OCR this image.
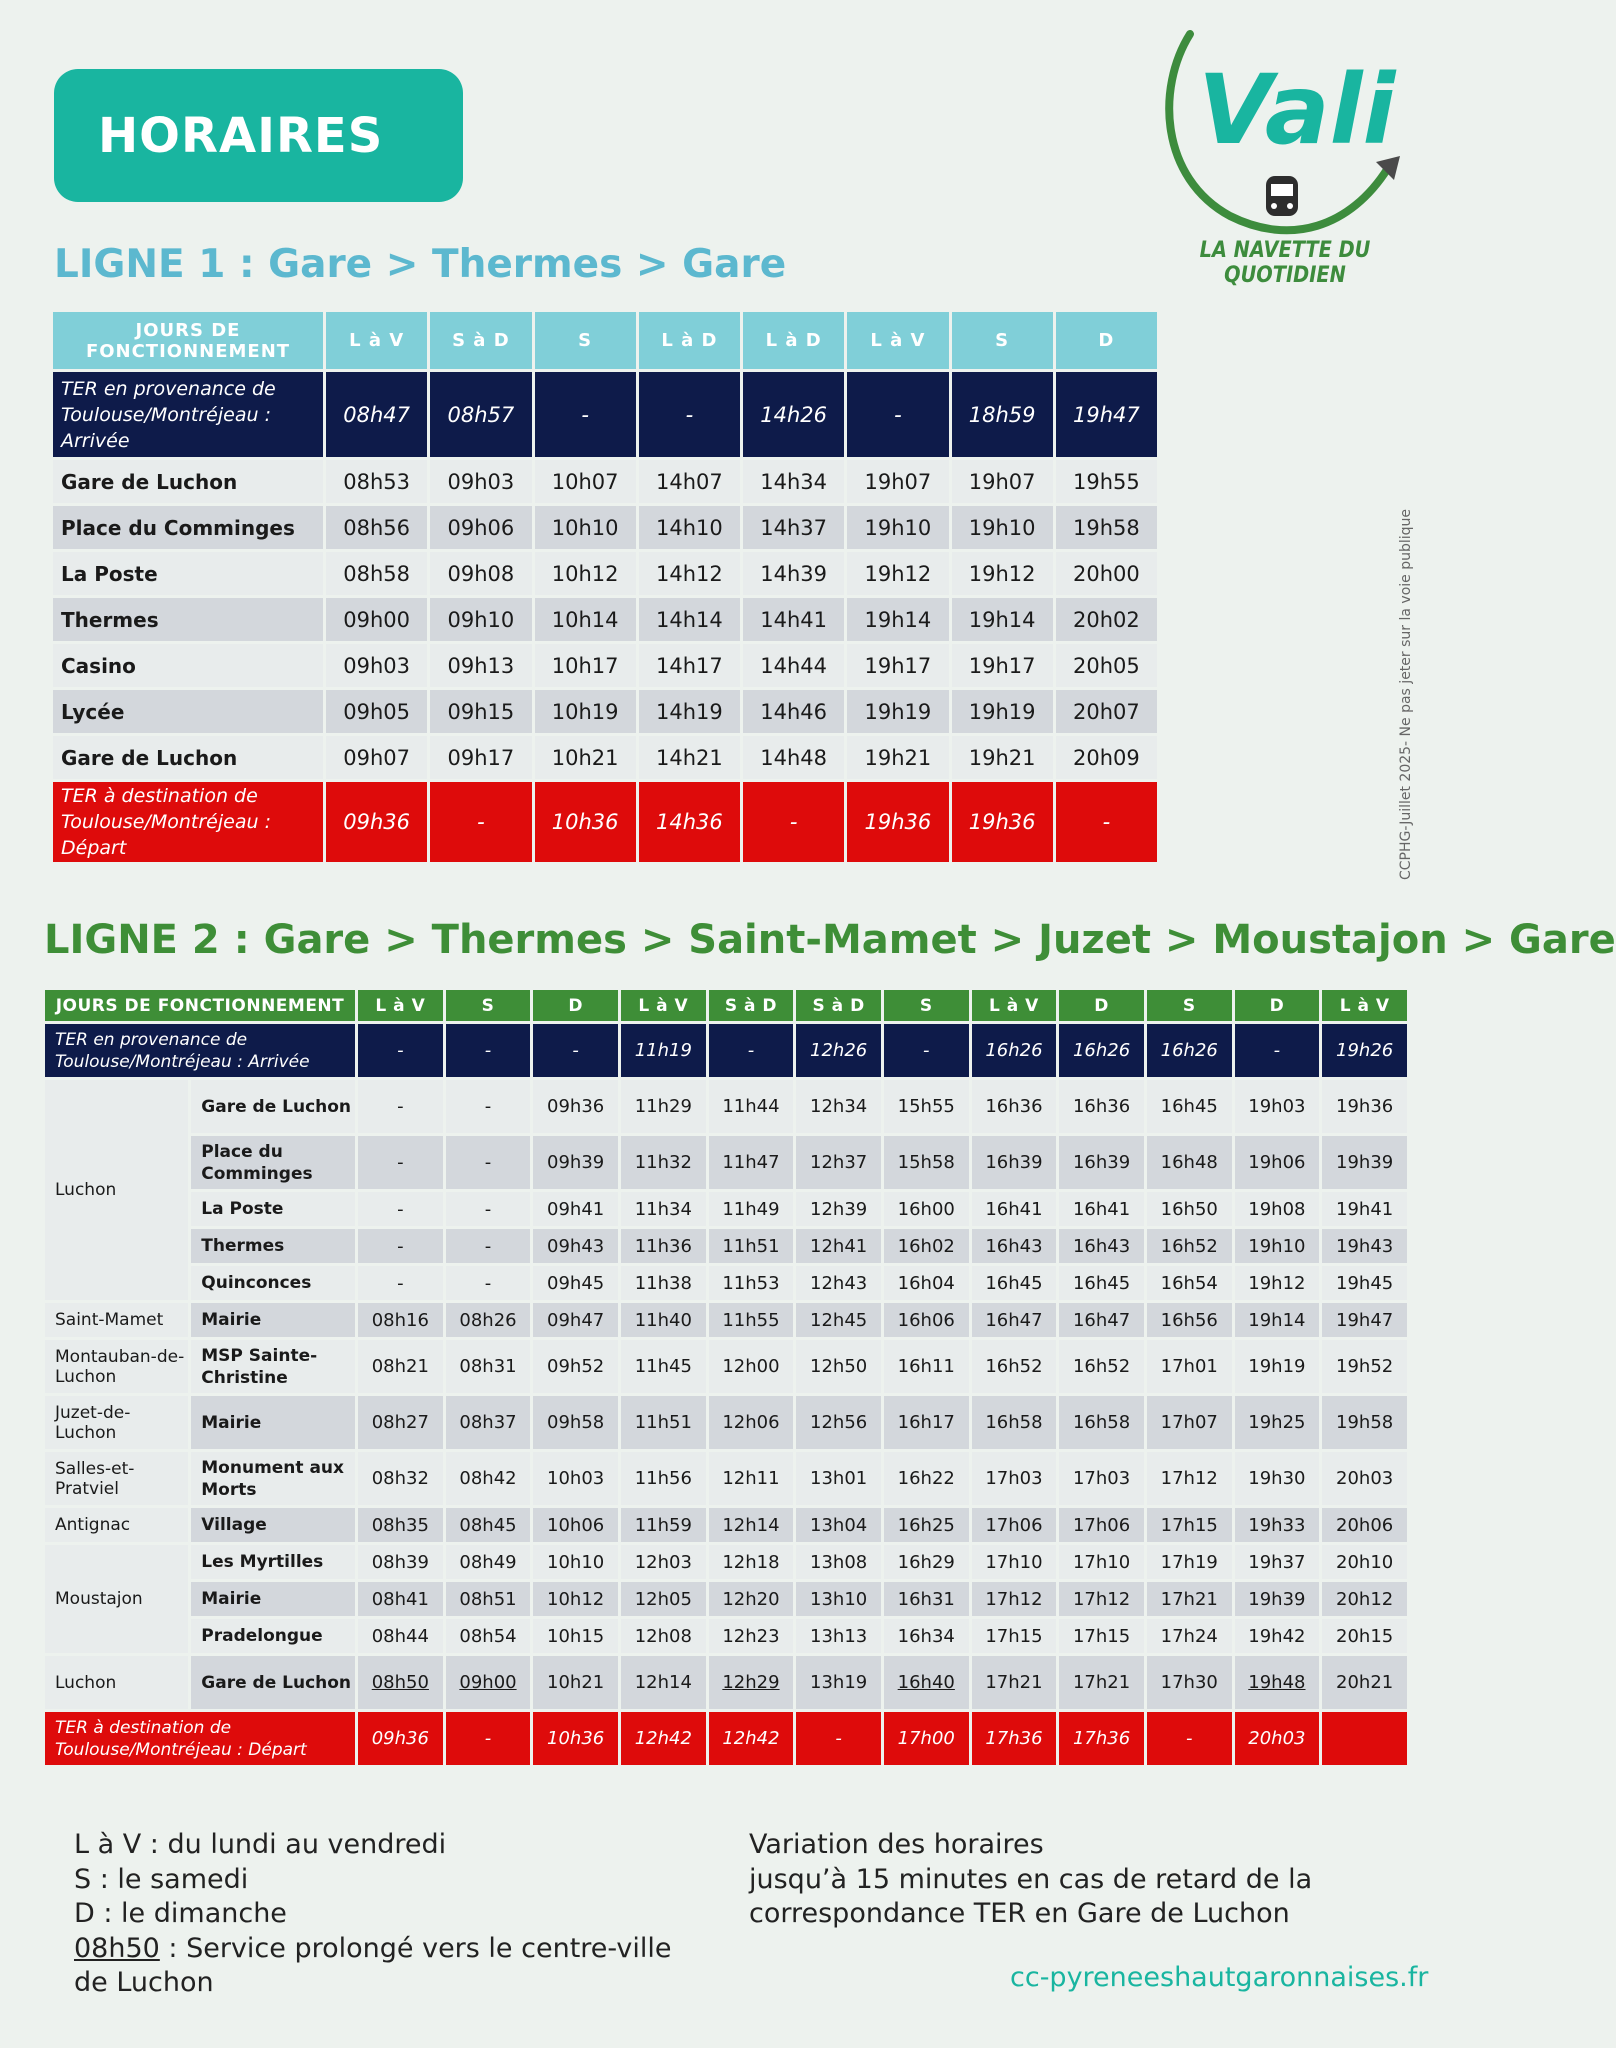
HORAIRES	Vali
LA NAVETTE DU QUOTIDIEN
CCPHG-Juillet 2025- Ne pas jeter sur la voie publique
LIGNE 1 : Gare > Thermes > Gare
JOURS DE FONCTIONNEMENT	L à V	S à D	S	L à D	L à D	L à V	S	D
TER en provenance de Toulouse/Montréjeau : Arrivée	08h47	08h57	-	-	14h26	-	18h59	19h47
Gare de Luchon	08h53	09h03	10h07	14h07	14h34	19h07	19h07	19h55
Place du Comminges	08h56	09h06	10h10	14h10	14h37	19h10	19h10	19h58
La Poste	08h58	09h08	10h12	14h12	14h39	19h12	19h12	20h00
Thermes	09h00	09h10	10h14	14h14	14h41	19h14	19h14	20h02
Casino	09h03	09h13	10h17	14h17	14h44	19h17	19h17	20h05
Lycée	09h05	09h15	10h19	14h19	14h46	19h19	19h19	20h07
Gare de Luchon	09h07	09h17	10h21	14h21	14h48	19h21	19h21	20h09
TER à destination de Toulouse/Montréjeau : Départ	09h36	-	10h36	14h36	-	19h36	19h36	-
LIGNE 2 : Gare > Thermes > Saint-Mamet > Juzet > Moustajon > Gare
JOURS DE FONCTIONNEMENT		L à V	S	D	L à V	S à D	S à D	S	L à V	D	S	D	L à V
TER en provenance de Toulouse/Montréjeau : Arrivée		-	-	-	11h19	-	12h26	-	16h26	16h26	16h26	-	19h26
Luchon	Gare de Luchon	-	-	09h36	11h29	11h44	12h34	15h55	16h36	16h36	16h45	19h03	19h36
	Place du Comminges	-	-	09h39	11h32	11h47	12h37	15h58	16h39	16h39	16h48	19h06	19h39
	La Poste	-	-	09h41	11h34	11h49	12h39	16h00	16h41	16h41	16h50	19h08	19h41
	Thermes	-	-	09h43	11h36	11h51	12h41	16h02	16h43	16h43	16h52	19h10	19h43
	Quinconces	-	-	09h45	11h38	11h53	12h43	16h04	16h45	16h45	16h54	19h12	19h45
Saint-Mamet	Mairie	08h16	08h26	09h47	11h40	11h55	12h45	16h06	16h47	16h47	16h56	19h14	19h47
Montauban-de-Luchon	MSP Sainte-Christine	08h21	08h31	09h52	11h45	12h00	12h50	16h11	16h52	16h52	17h01	19h19	19h52
Juzet-de-Luchon	Mairie	08h27	08h37	09h58	11h51	12h06	12h56	16h17	16h58	16h58	17h07	19h25	19h58
Salles-et-Pratviel	Monument aux Morts	08h32	08h42	10h03	11h56	12h11	13h01	16h22	17h03	17h03	17h12	19h30	20h03
Antignac	Village	08h35	08h45	10h06	11h59	12h14	13h04	16h25	17h06	17h06	17h15	19h33	20h06
Moustajon	Les Myrtilles	08h39	08h49	10h10	12h03	12h18	13h08	16h29	17h10	17h10	17h19	19h37	20h10
	Mairie	08h41	08h51	10h12	12h05	12h20	13h10	16h31	17h12	17h12	17h21	19h39	20h12
	Pradelongue	08h44	08h54	10h15	12h08	12h23	13h13	16h34	17h15	17h15	17h24	19h42	20h15
Luchon	Gare de Luchon	08h50	09h00	10h21	12h14	12h29	13h19	16h40	17h21	17h21	17h30	19h48	20h21
TER à destination de Toulouse/Montréjeau : Départ		09h36	-	10h36	12h42	12h42	-	17h00	17h36	17h36	-	20h03	
L à V : du lundi au vendredi
S : le samedi
D : le dimanche
08h50 : Service prolongé vers le centre-ville
de Luchon
Variation des horaires
jusqu’à 15 minutes en cas de retard de la
correspondance TER en Gare de Luchon
cc-pyreneeshautgaronnaises.fr
